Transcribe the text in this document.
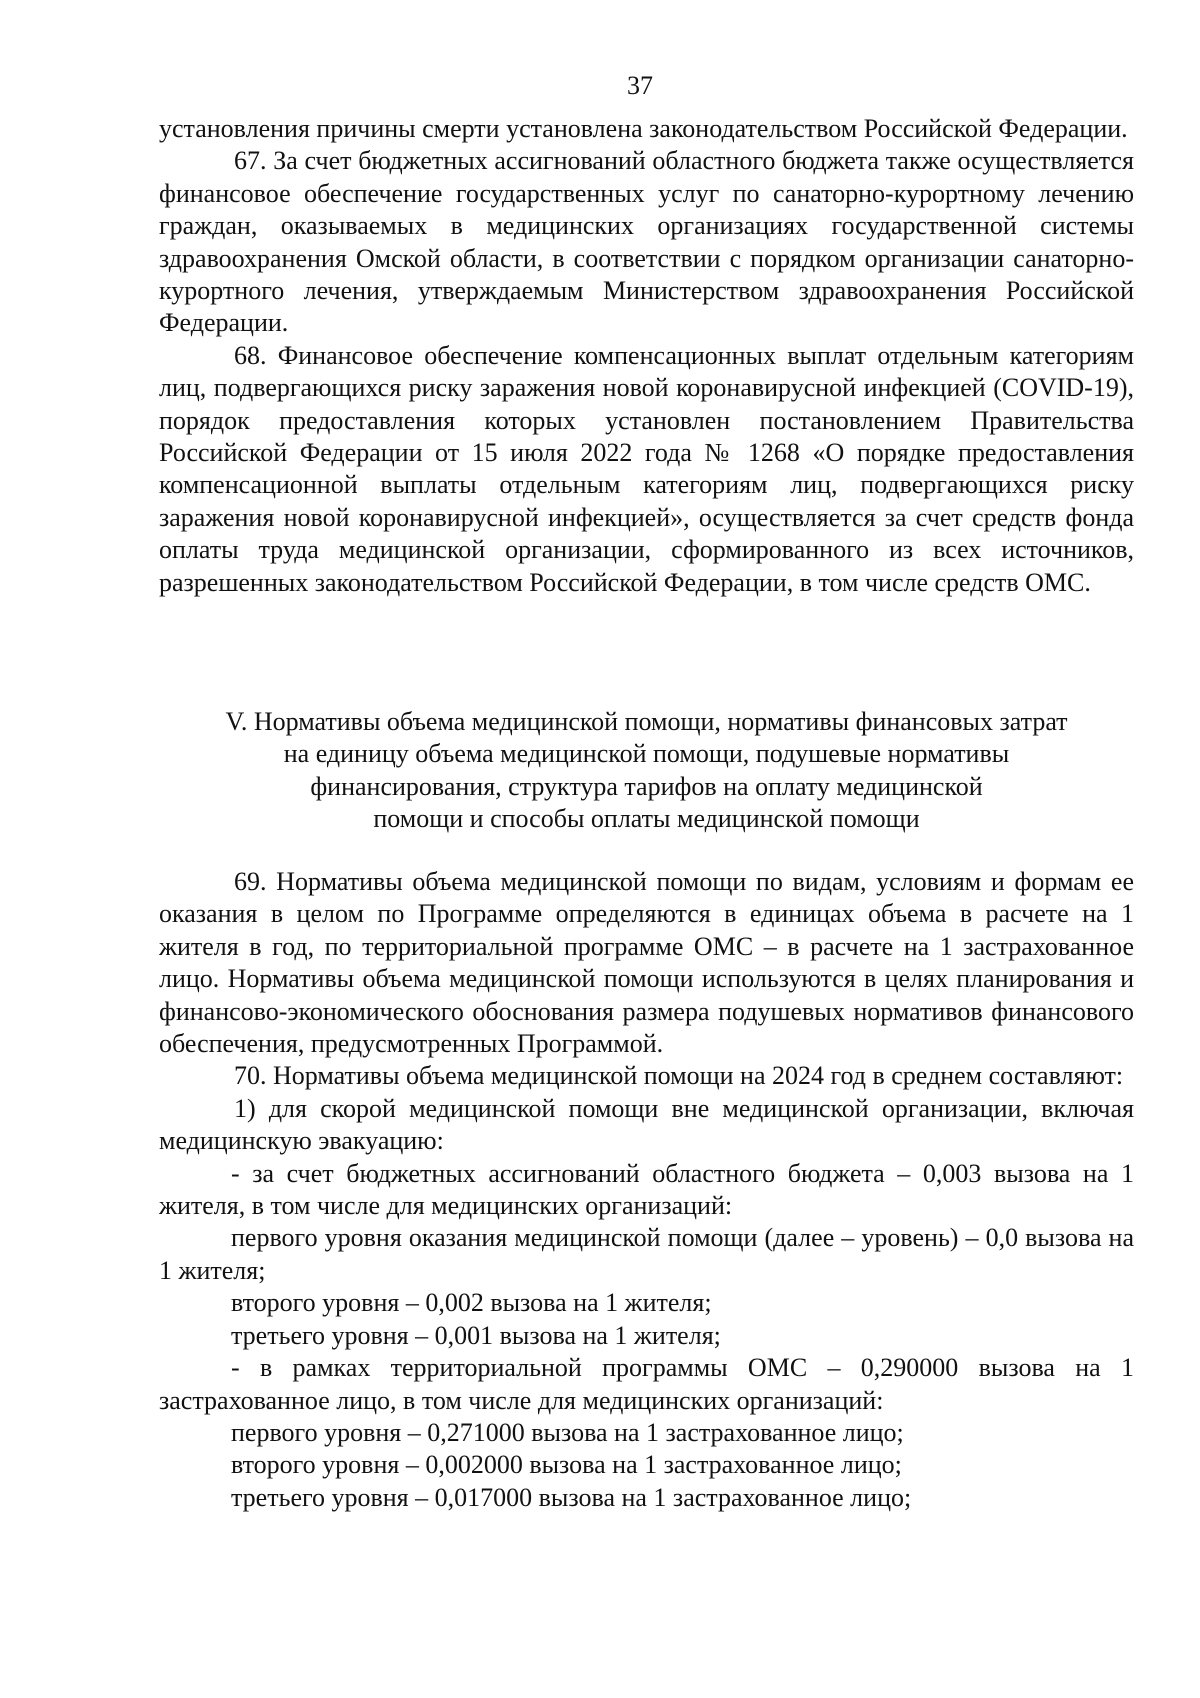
37

установления причины смерти установлена законодательством Российской Федерации.

67. За счет бюджетных ассигнований областного бюджета также осуществляется финансовое обеспечение государственных услуг по санаторно-курортному лечению граждан, оказываемых в медицинских организациях государственной системы здравоохранения Омской области, в соответствии с порядком организации санаторно-курортного лечения, утверждаемым Министерством здравоохранения Российской Федерации.

68. Финансовое обеспечение компенсационных выплат отдельным категориям лиц, подвергающихся риску заражения новой коронавирусной инфекцией (COVID-19), порядок предоставления которых установлен постановлением Правительства Российской Федерации от 15 июля 2022 года № 1268 «О порядке предоставления компенсационной выплаты отдельным категориям лиц, подвергающихся риску заражения новой коронавирусной инфекцией», осуществляется за счет средств фонда оплаты труда медицинской организации, сформированного из всех источников, разрешенных законодательством Российской Федерации, в том числе средств ОМС.

V. Нормативы объема медицинской помощи, нормативы финансовых затрат
на единицу объема медицинской помощи, подушевые нормативы
финансирования, структура тарифов на оплату медицинской
помощи и способы оплаты медицинской помощи

69. Нормативы объема медицинской помощи по видам, условиям и формам ее оказания в целом по Программе определяются в единицах объема в расчете на 1 жителя в год, по территориальной программе ОМС – в расчете на 1 застрахованное лицо. Нормативы объема медицинской помощи используются в целях планирования и финансово-экономического обоснования размера подушевых нормативов финансового обеспечения, предусмотренных Программой.

70. Нормативы объема медицинской помощи на 2024 год в среднем составляют:

1) для скорой медицинской помощи вне медицинской организации, включая медицинскую эвакуацию:

- за счет бюджетных ассигнований областного бюджета – 0,003 вызова на 1 жителя, в том числе для медицинских организаций:

первого уровня оказания медицинской помощи (далее – уровень) – 0,0 вызова на 1 жителя;

второго уровня – 0,002 вызова на 1 жителя;

третьего уровня – 0,001 вызова на 1 жителя;

- в рамках территориальной программы ОМС – 0,290000 вызова на 1 застрахованное лицо, в том числе для медицинских организаций:

первого уровня – 0,271000 вызова на 1 застрахованное лицо;

второго уровня – 0,002000 вызова на 1 застрахованное лицо;

третьего уровня – 0,017000 вызова на 1 застрахованное лицо;
